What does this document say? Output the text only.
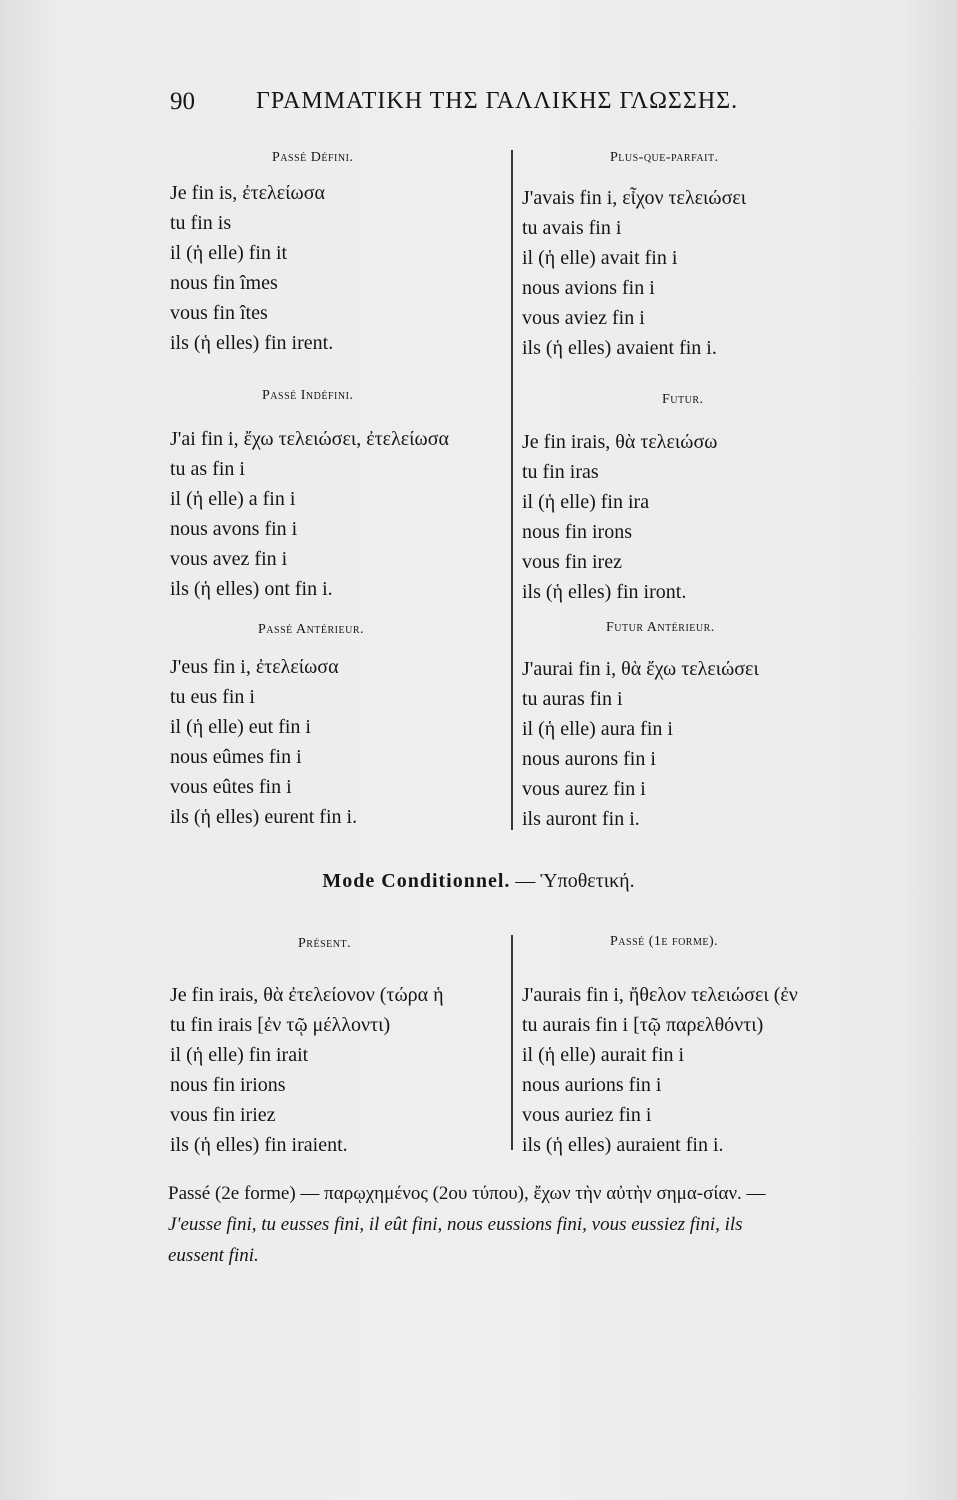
90	ΓΡΑΜΜΑΤΙΚΗ ΤΗΣ ΓΑΛΛΙΚΗΣ ΓΛΩΣΣΗΣ.
Passé Défini.
Je fin is, ἐτελείωσα
tu fin is
il (ἡ elle) fin it
nous fin îmes
vous fin îtes
ils (ἡ elles) fin irent.
Passé Indéfini.
J'ai fin i, ἔχω τελειώσει, ἐτελείωσα
tu as fin i
il (ἡ elle) a fin i
nous avons fin i
vous avez fin i
ils (ἡ elles) ont fin i.
Passé Antérieur.
J'eus fin i, ἐτελείωσα
tu eus fin i
il (ἡ elle) eut fin i
nous eûmes fin i
vous eûtes fin i
ils (ἡ elles) eurent fin i.
Plus-que-parfait.
J'avais fin i, εἶχον τελειώσει
tu avais fin i
il (ἡ elle) avait fin i
nous avions fin i
vous aviez fin i
ils (ἡ elles) avaient fin i.
Futur.
Je fin irais, θὰ τελειώσω
tu fin iras
il (ἡ elle) fin ira
nous fin irons
vous fin irez
ils (ἡ elles) fin iront.
Futur Antérieur.
J'aurai fin i, θὰ ἔχω τελειώσει
tu auras fin i
il (ἡ elle) aura fin i
nous aurons fin i
vous aurez fin i
ils auront fin i.
Mode Conditionnel. — Ὑποθετική.
Présent.
Je fin irais, θὰ ἐτελείονον (τώρα ἡ
tu fin irais [ἐν τῷ μέλλοντι)
il (ἡ elle) fin irait
nous fin irions
vous fin iriez
ils (ἡ elles) fin iraient.
Passé (1e forme).
J'aurais fin i, ἤθελον τελειώσει (ἐν
tu aurais fin i [τῷ παρελθόντι)
il (ἡ elle) aurait fin i
nous aurions fin i
vous auriez fin i
ils (ἡ elles) auraient fin i.
Passé (2e forme) — παρῳχημένος (2ου τύπου), ἔχων τὴν αὐτὴν σημα-σίαν. — J'eusse fini, tu eusses fini, il eût fini, nous eussions fini, vous eussiez fini, ils eussent fini.
